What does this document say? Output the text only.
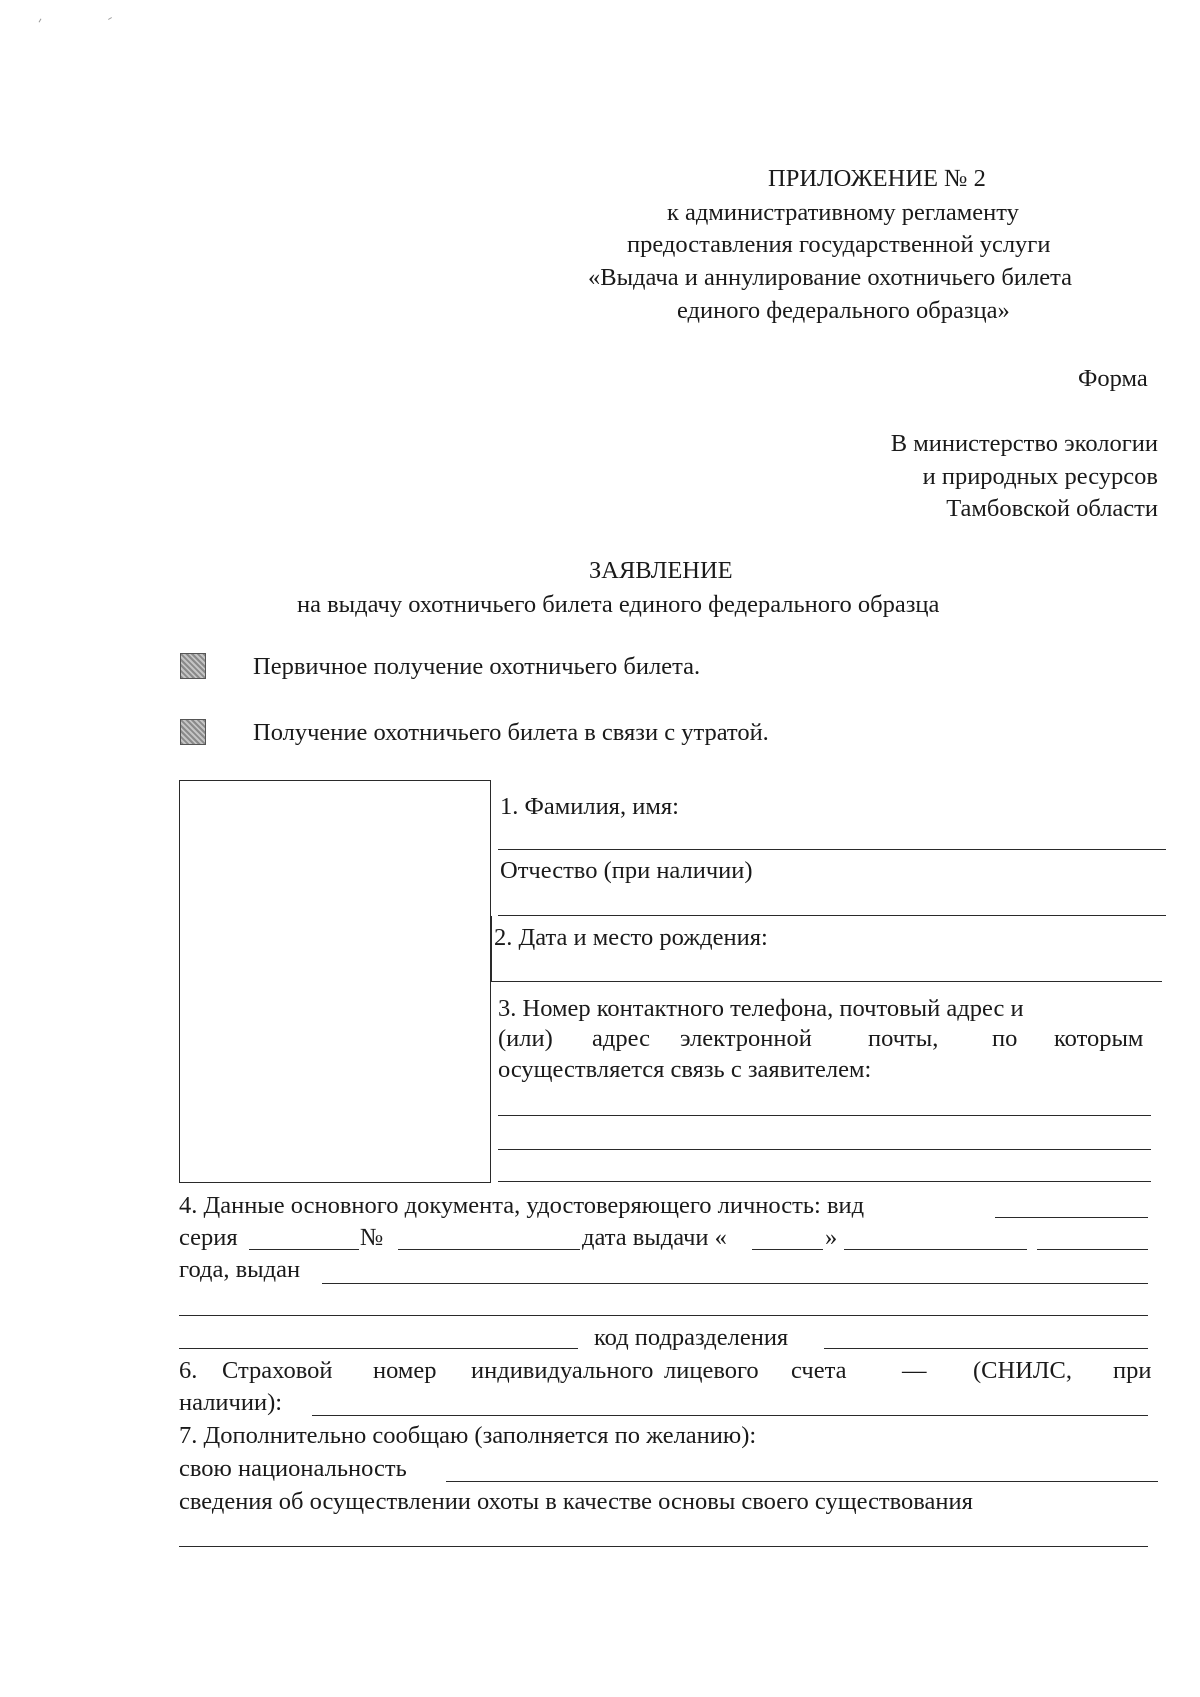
ПРИЛОЖЕНИЕ № 2
к административному регламенту
предоставления государственной услуги
«Выдача и аннулирование охотничьего билета
единого федерального образца»
Форма
В министерство экологии
и природных ресурсов
Тамбовской области
ЗАЯВЛЕНИЕ
на выдачу охотничьего билета единого федерального образца
Первичное получение охотничьего билета.
Получение охотничьего билета в связи с утратой.
1. Фамилия, имя:
Отчество (при наличии)
2. Дата и место рождения:
3. Номер контактного телефона, почтовый адрес и
(или) адрес электронной почты, по которым
осуществляется связь с заявителем:
4. Данные основного документа, удостоверяющего личность: вид
серия	№	дата выдачи «	»
года, выдан
код подразделения
6. Страховой номер индивидуального лицевого счета — (СНИЛС, при
наличии):
7. Дополнительно сообщаю (заполняется по желанию):
свою национальность
сведения об осуществлении охоты в качестве основы своего существования
